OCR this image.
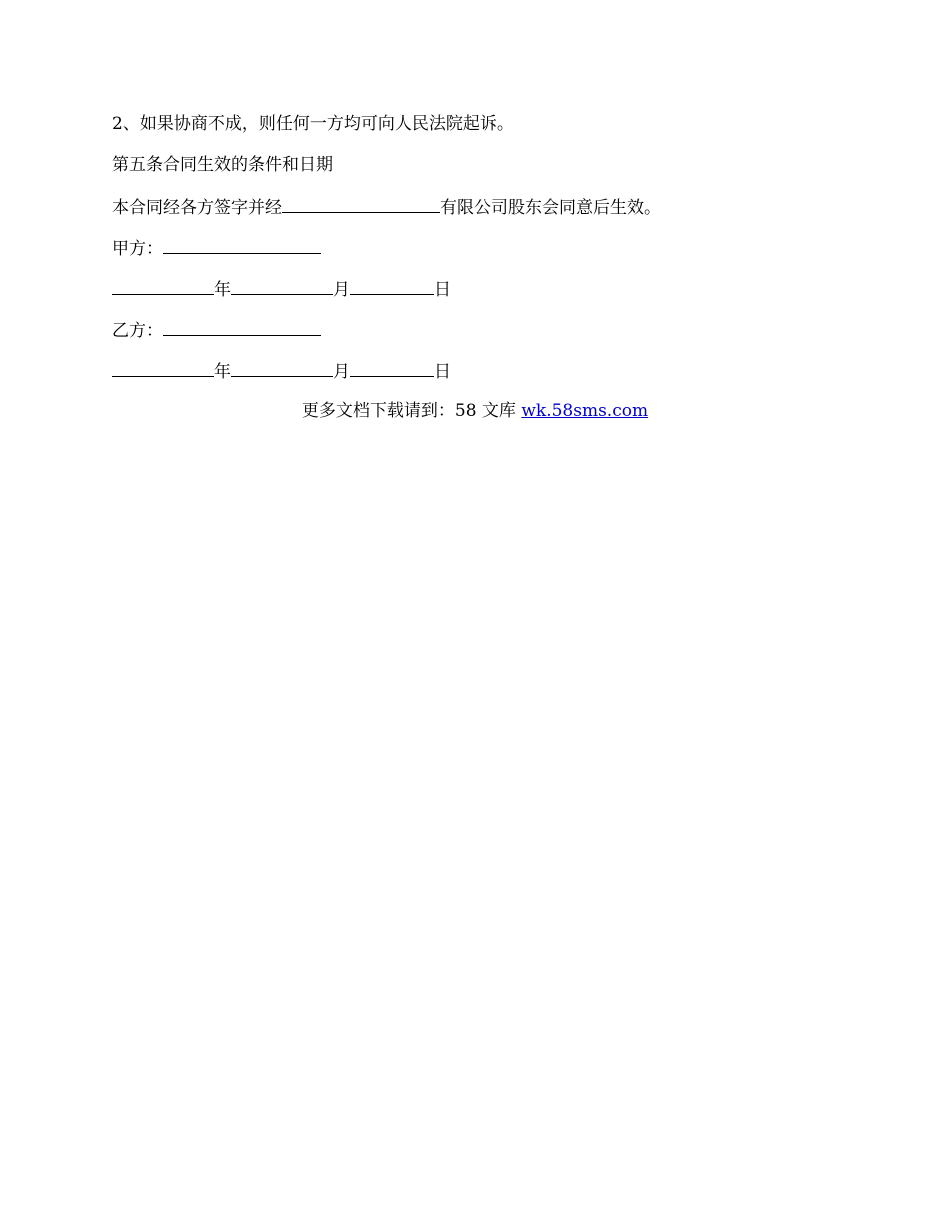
2、如果协商不成，则任何一方均可向人民法院起诉。
第五条合同生效的条件和日期
本合同经各方签字并经	有限公司股东会同意后生效。
甲方：
年	月	日
乙方：
年	月	日
更多文档下载请到：58 文库 wk.58sms.com
